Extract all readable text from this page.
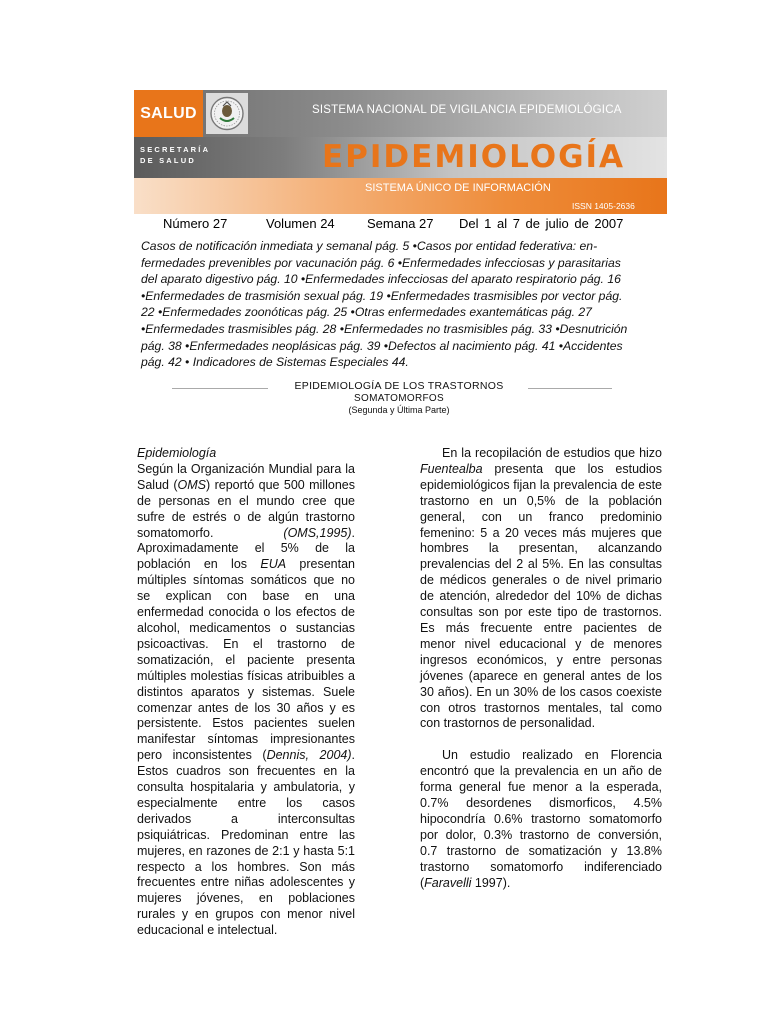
SALUD	SISTEMA NACIONAL DE VIGILANCIA EPIDEMIOLÓGICA
SECRETARÍA
DE SALUD	EPIDEMIOLOGÍA
SISTEMA ÚNICO DE INFORMACIÓN
ISSN 1405-2636
Número 27	Volumen 24 Semana 27 Del 1 al 7 de julio de 2007
Casos de notificación inmediata y semanal pág. 5 •Casos por entidad federativa: en-
fermedades prevenibles por vacunación pág. 6 •Enfermedades infecciosas y parasitarias
del aparato digestivo pág. 10 •Enfermedades infecciosas del aparato respiratorio pág. 16
•Enfermedades de trasmisión sexual pág. 19 •Enfermedades trasmisibles por vector pág.
22 •Enfermedades zoonóticas pág. 25 •Otras enfermedades exantemáticas pág. 27
•Enfermedades trasmisibles pág. 28 •Enfermedades no trasmisibles pág. 33 •Desnutrición
pág. 38 •Enfermedades neoplásicas pág. 39 •Defectos al nacimiento pág. 41 •Accidentes
pág. 42 • Indicadores de Sistemas Especiales 44.
EPIDEMIOLOGÍA DE LOS TRASTORNOS
SOMATOMORFOS
(Segunda y Última Parte)

Epidemiología

Según la Organización Mundial para la Salud (OMS) reportó que 500 millones de personas en el mundo cree que sufre de estrés o de algún trastorno somatomorfo. (OMS,1995). Aproximadamente el 5% de la población en los EUA presentan múltiples síntomas somáticos que no se explican con base en una enfermedad conocida o los efectos de alcohol, medicamentos o sustancias psicoactivas. En el trastorno de somatización, el paciente presenta múltiples molestias físicas atribuibles a distintos aparatos y sistemas. Suele comenzar antes de los 30 años y es persistente. Estos pacientes suelen manifestar síntomas impresionantes pero inconsistentes (Dennis, 2004). Estos cuadros son frecuentes en la consulta hospitalaria y ambulatoria, y especialmente entre los casos derivados a interconsultas psiquiátricas. Predominan entre las mujeres, en razones de 2:1 y hasta 5:1 respecto a los hombres. Son más frecuentes entre niñas adolescentes y mujeres jóvenes, en poblaciones rurales y en grupos con menor nivel educacional e intelectual.

En la recopilación de estudios que hizo Fuentealba presenta que los estudios epidemiológicos fijan la prevalencia de este trastorno en un 0,5% de la población general, con un franco predominio femenino: 5 a 20 veces más mujeres que hombres la presentan, alcanzando prevalencias del 2 al 5%. En las consultas de médicos generales o de nivel primario de atención, alrededor del 10% de dichas consultas son por este tipo de trastornos. Es más frecuente entre pacientes de menor nivel educacional y de menores ingresos económicos, y entre personas jóvenes (aparece en general antes de los 30 años). En un 30% de los casos coexiste con otros trastornos mentales, tal como con trastornos de personalidad.

Un estudio realizado en Florencia encontró que la prevalencia en un año de forma general fue menor a la esperada, 0.7% desordenes dismorficos, 4.5% hipocondría 0.6% trastorno somatomorfo por dolor, 0.3% trastorno de conversión, 0.7 trastorno de somatización y 13.8% trastorno somatomorfo indiferenciado (Faravelli 1997).
